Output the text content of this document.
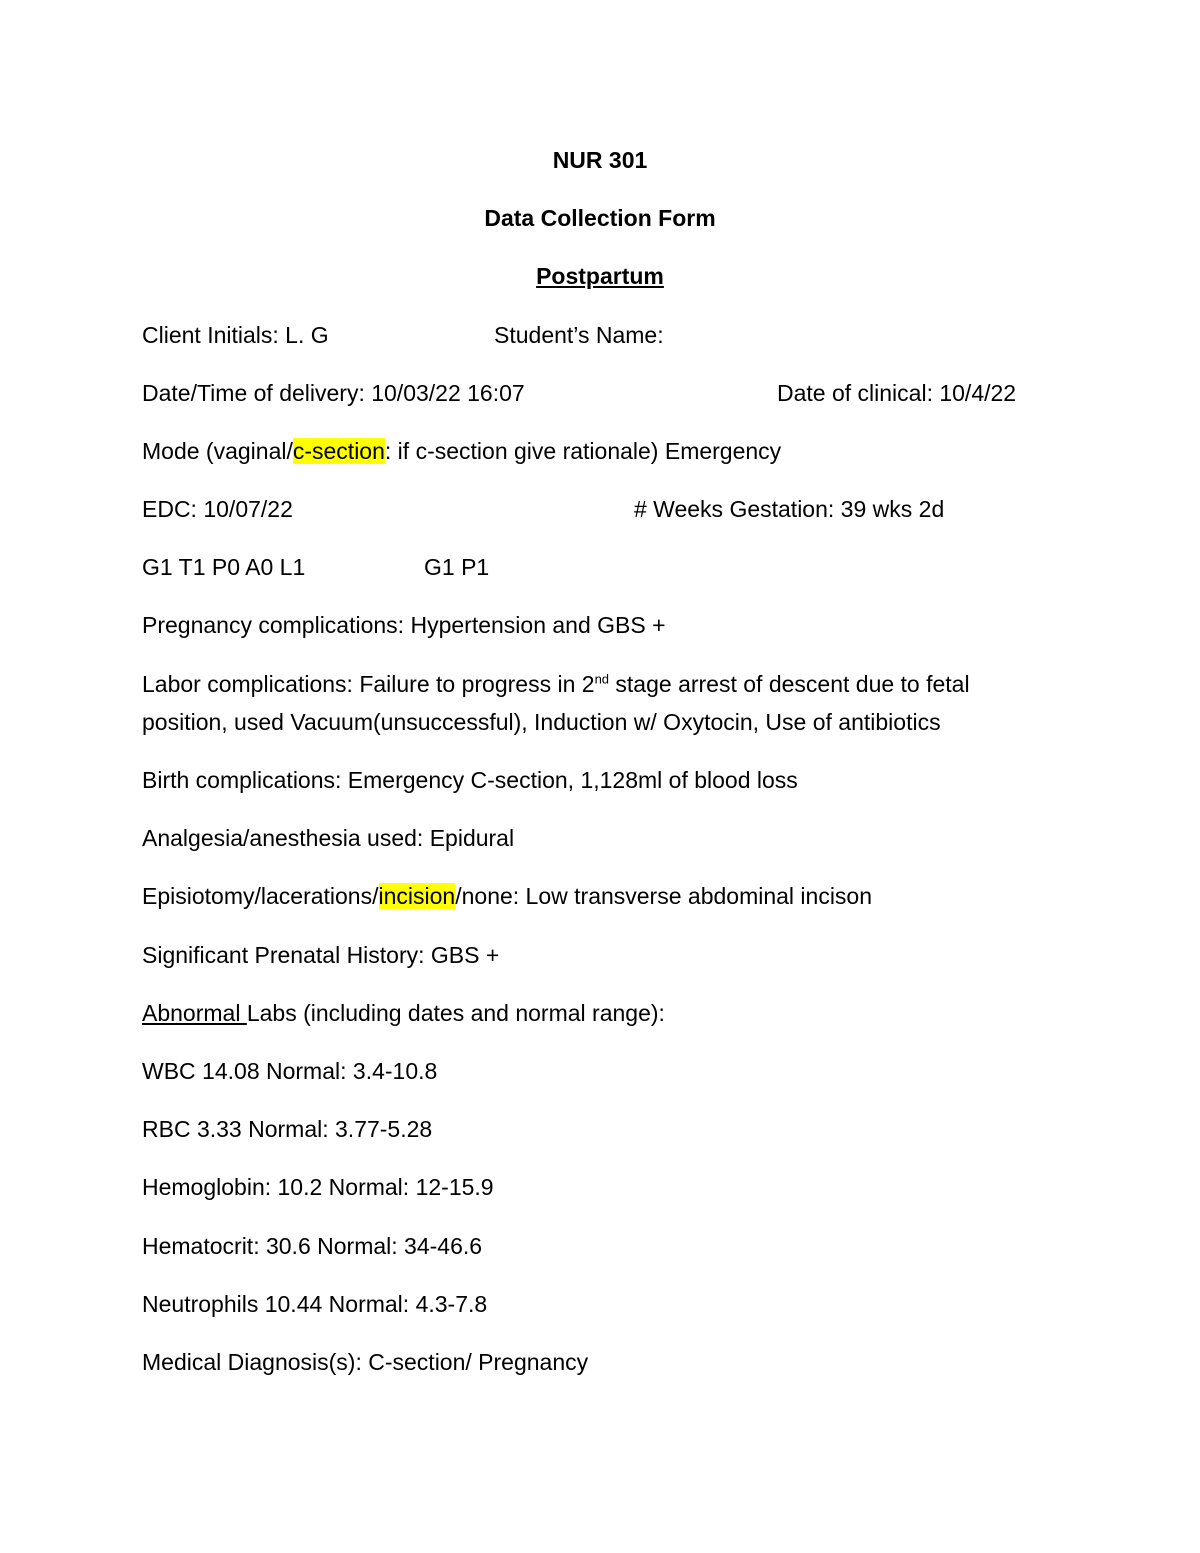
NUR 301
Data Collection Form
Postpartum
Client Initials: L. G	Student’s Name:
Date/Time of delivery: 10/03/22 16:07	Date of clinical: 10/4/22
Mode (vaginal/c-section: if c-section give rationale) Emergency
EDC: 10/07/22	# Weeks Gestation: 39 wks 2d
G1 T1 P0 A0 L1	G1 P1
Pregnancy complications: Hypertension and GBS +
Labor complications: Failure to progress in 2nd stage arrest of descent due to fetal
position, used Vacuum(unsuccessful), Induction w/ Oxytocin, Use of antibiotics
Birth complications: Emergency C-section, 1,128ml of blood loss
Analgesia/anesthesia used: Epidural
Episiotomy/lacerations/incision/none: Low transverse abdominal incison
Significant Prenatal History: GBS +
Abnormal Labs (including dates and normal range):
WBC 14.08 Normal: 3.4-10.8
RBC 3.33 Normal: 3.77-5.28
Hemoglobin: 10.2 Normal: 12-15.9
Hematocrit: 30.6 Normal: 34-46.6
Neutrophils 10.44 Normal: 4.3-7.8
Medical Diagnosis(s): C-section/ Pregnancy
